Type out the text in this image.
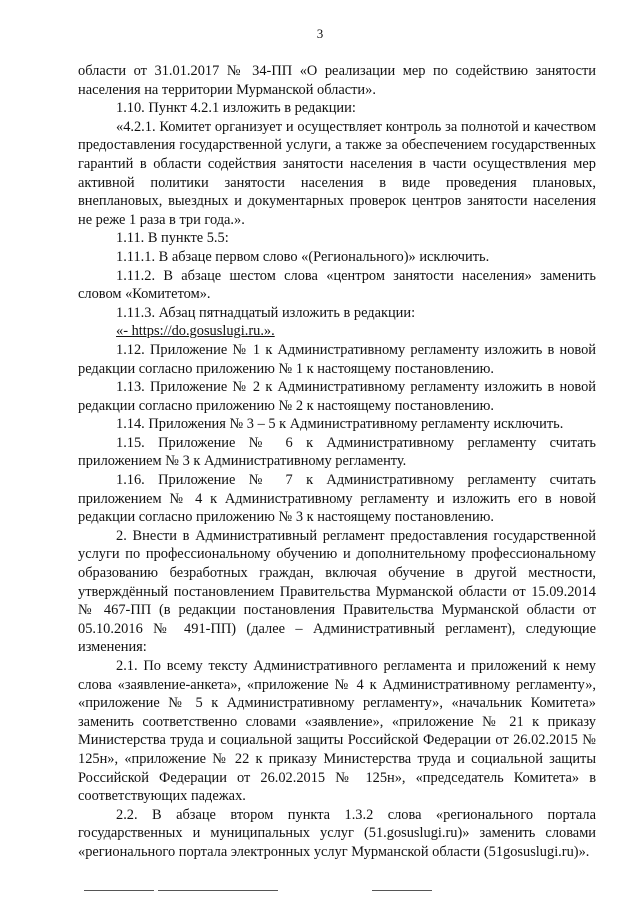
3

области от 31.01.2017 № 34-ПП «О реализации мер по содействию занятости населения на территории Мурманской области».

1.10. Пункт 4.2.1 изложить в редакции:

«4.2.1. Комитет организует и осуществляет контроль за полнотой и качеством предоставления государственной услуги, а также за обеспечением государственных гарантий в области содействия занятости населения в части осуществления мер активной политики занятости населения в виде проведения плановых, внеплановых, выездных и документарных проверок центров занятости населения не реже 1 раза в три года.».

1.11. В пункте 5.5:

1.11.1. В абзаце первом слово «(Регионального)» исключить.

1.11.2. В абзаце шестом слова «центром занятости населения» заменить словом «Комитетом».

1.11.3. Абзац пятнадцатый изложить в редакции:

«- https://do.gosuslugi.ru.».

1.12. Приложение № 1 к Административному регламенту изложить в новой редакции согласно приложению № 1 к настоящему постановлению.

1.13. Приложение № 2 к Административному регламенту изложить в новой редакции согласно приложению № 2 к настоящему постановлению.

1.14. Приложения № 3 – 5 к Административному регламенту исключить.

1.15. Приложение № 6 к Административному регламенту считать приложением № 3 к Административному регламенту.

1.16. Приложение № 7 к Административному регламенту считать приложением № 4 к Административному регламенту и изложить его в новой редакции согласно приложению № 3 к настоящему постановлению.

2. Внести в Административный регламент предоставления государственной услуги по профессиональному обучению и дополнительному профессиональному образованию безработных граждан, включая обучение в другой местности, утверждённый постановлением Правительства Мурманской области от 15.09.2014 № 467-ПП (в редакции постановления Правительства Мурманской области от 05.10.2016 № 491-ПП) (далее – Административный регламент), следующие изменения:

2.1. По всему тексту Административного регламента и приложений к нему слова «заявление-анкета», «приложение № 4 к Административному регламенту», «приложение № 5 к Административному регламенту», «начальник Комитета» заменить соответственно словами «заявление», «приложение № 21 к приказу Министерства труда и социальной защиты Российской Федерации от 26.02.2015 № 125н», «приложение № 22 к приказу Министерства труда и социальной защиты Российской Федерации от 26.02.2015 № 125н», «председатель Комитета» в соответствующих падежах.

2.2. В абзаце втором пункта 1.3.2 слова «регионального портала государственных и муниципальных услуг (51.gosuslugi.ru)» заменить словами «регионального портала электронных услуг Мурманской области (51gosuslugi.ru)».
